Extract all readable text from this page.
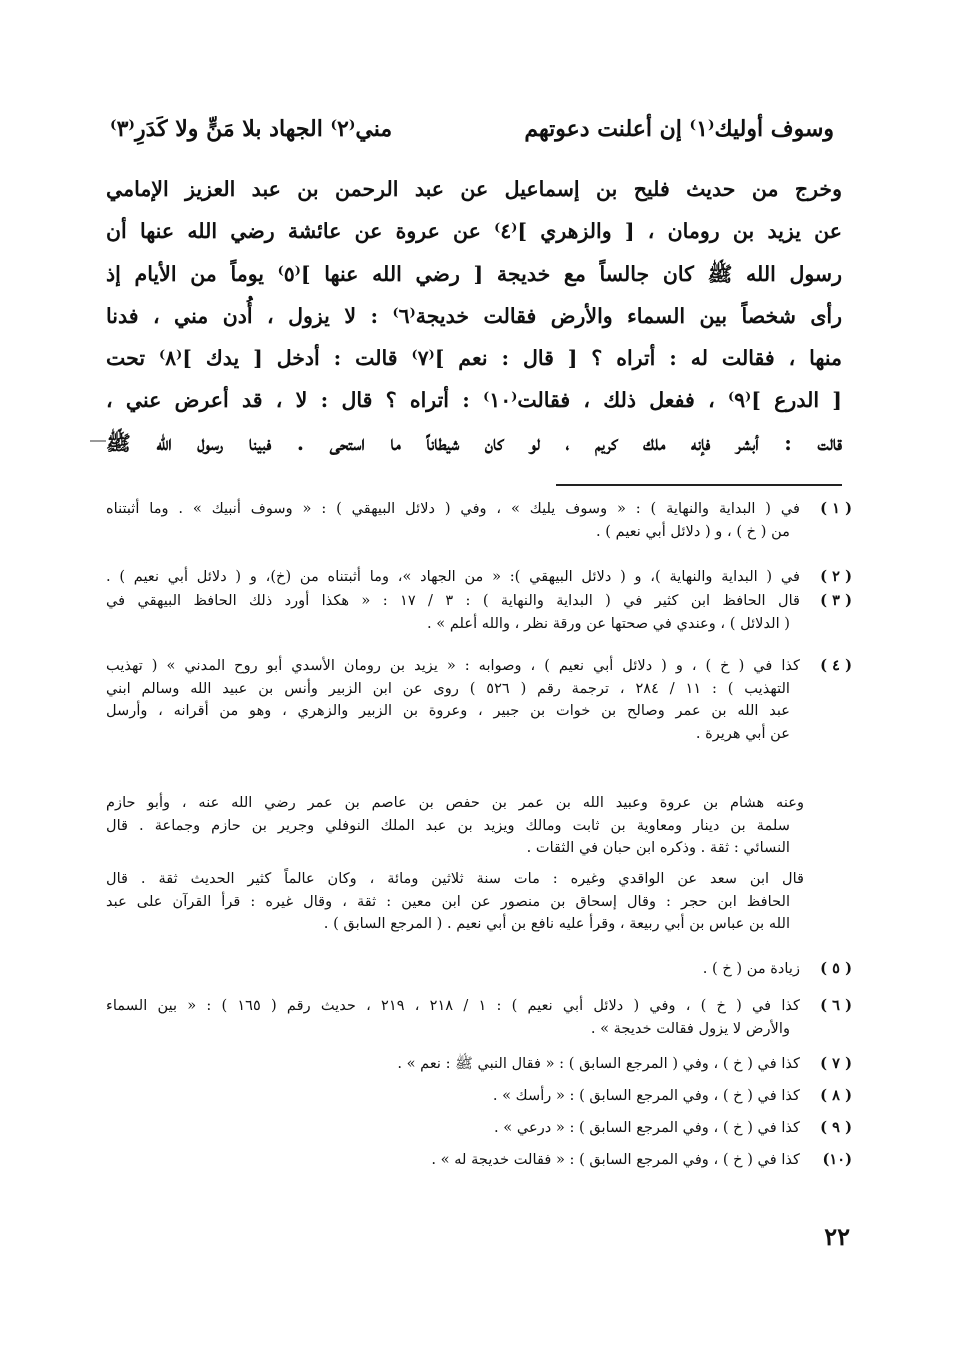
وسوف أوليك⁽١⁾ إن أعلنت دعوتهم
مني⁽٢⁾ الجهاد بلا مَنٍّ ولا كَدَرِ⁽٣⁾

وخرج من حديث فليح بن إسماعيل عن عبد الرحمن بن عبد العزيز الإمامي

عن يزيد بن رومان ، [ والزهري ]⁽٤⁾ عن عروة عن عائشة رضي الله عنها أن

رسول الله ﷺ كان جالساً مع خديجة [ رضي الله عنها ]⁽٥⁾ يوماً من الأيام إذ

رأى شخصاً بين السماء والأرض فقالت خديجة⁽٦⁾ : لا يزول ، أُدن مني ، فدنا

منها ، فقالت له : أتراه ؟ [ قال : نعم ]⁽٧⁾ قالت : أدخل [ يدك ]⁽٨⁾ تحت

[ الدرع ]⁽٩⁾ ، ففعل ذلك ، فقالت⁽١٠⁾ : أتراه ؟ قال : لا ، قد أعرض عني ،

قالت : أبشر فإنه ملك كريم ، لو كان شيطاناً ما استحى . فبينا رسول الله ﷺ

( ١ )
في ( البداية والنهاية ) : « وسوف يليك » ، وفي ( دلائل البيهقي ) : « وسوف أنبيك » . وما أثبتناه
من ( خ ) ، و ( دلائل أبي نعيم ) .
( ٢ )
في ( البداية والنهاية )، و ( دلائل البيهقي ): « من الجهاد »، وما أثبتناه من (خ)، و ( دلائل أبي نعيم ) .
( ٣ )
قال الحافظ ابن كثير في ( البداية والنهاية ) : ٣ / ١٧ : « هكذا أورد ذلك الحافظ البيهقي في
( الدلائل ) ، وعندي في صحتها عن ورقة نظر ، والله أعلم » .
( ٤ )
كذا في ( خ ) ، و ( دلائل أبي نعيم ) ، وصوابه : « يزيد بن رومان الأسدي أبو روح المدني » ( تهذيب
التهذيب ) : ١١ / ٢٨٤ ، ترجمة رقم ( ٥٢٦ ) روى عن ابن الزبير وأنس بن عبيد الله وسالم ابني
عبد الله بن عمر وصالح بن خوات بن جبير ، وعروة بن الزبير والزهري ، وهو من أقرانه ، وأرسل
عن أبي هريرة .
وعنه هشام بن عروة وعبيد الله بن عمر بن حفص بن عاصم بن عمر رضي الله عنه ، وأبو حازم
سلمة بن دينار ومعاوية بن ثابت ومالك ويزيد بن عبد الملك النوفلي وجرير بن حازم وجماعة . قال
النسائي : ثقة . وذكره ابن حبان في الثقات .
قال ابن سعد عن الواقدي وغيره : مات سنة ثلاثين ومائة ، وكان عالماً كثير الحديث ثقة . قال
الحافظ ابن حجر : وقال إسحاق بن منصور عن ابن معين : ثقة ، وقال غيره : قرأ القرآن على عبد
الله بن عباس بن أبي ربيعة ، وقرأ عليه نافع بن أبي نعيم . ( المرجع السابق ) .
( ٥ )
زيادة من ( خ ) .
( ٦ )
كذا في ( خ ) ، وفي ( دلائل أبي نعيم ) : ١ / ٢١٨ ، ٢١٩ ، حديث رقم ( ١٦٥ ) : « بين السماء
والأرض لا يزول فقالت خديجة » .
( ٧ )
كذا في ( خ ) ، وفي ( المرجع السابق ) : « فقال النبي ﷺ : نعم » .
( ٨ )
كذا في ( خ ) ، وفي المرجع السابق ) : « رأسك » .
( ٩ )
كذا في ( خ ) ، وفي المرجع السابق ) : « درعي » .
(١٠)
كذا في ( خ ) ، وفي المرجع السابق ) : « فقالت خديجة له » .
٢٢
